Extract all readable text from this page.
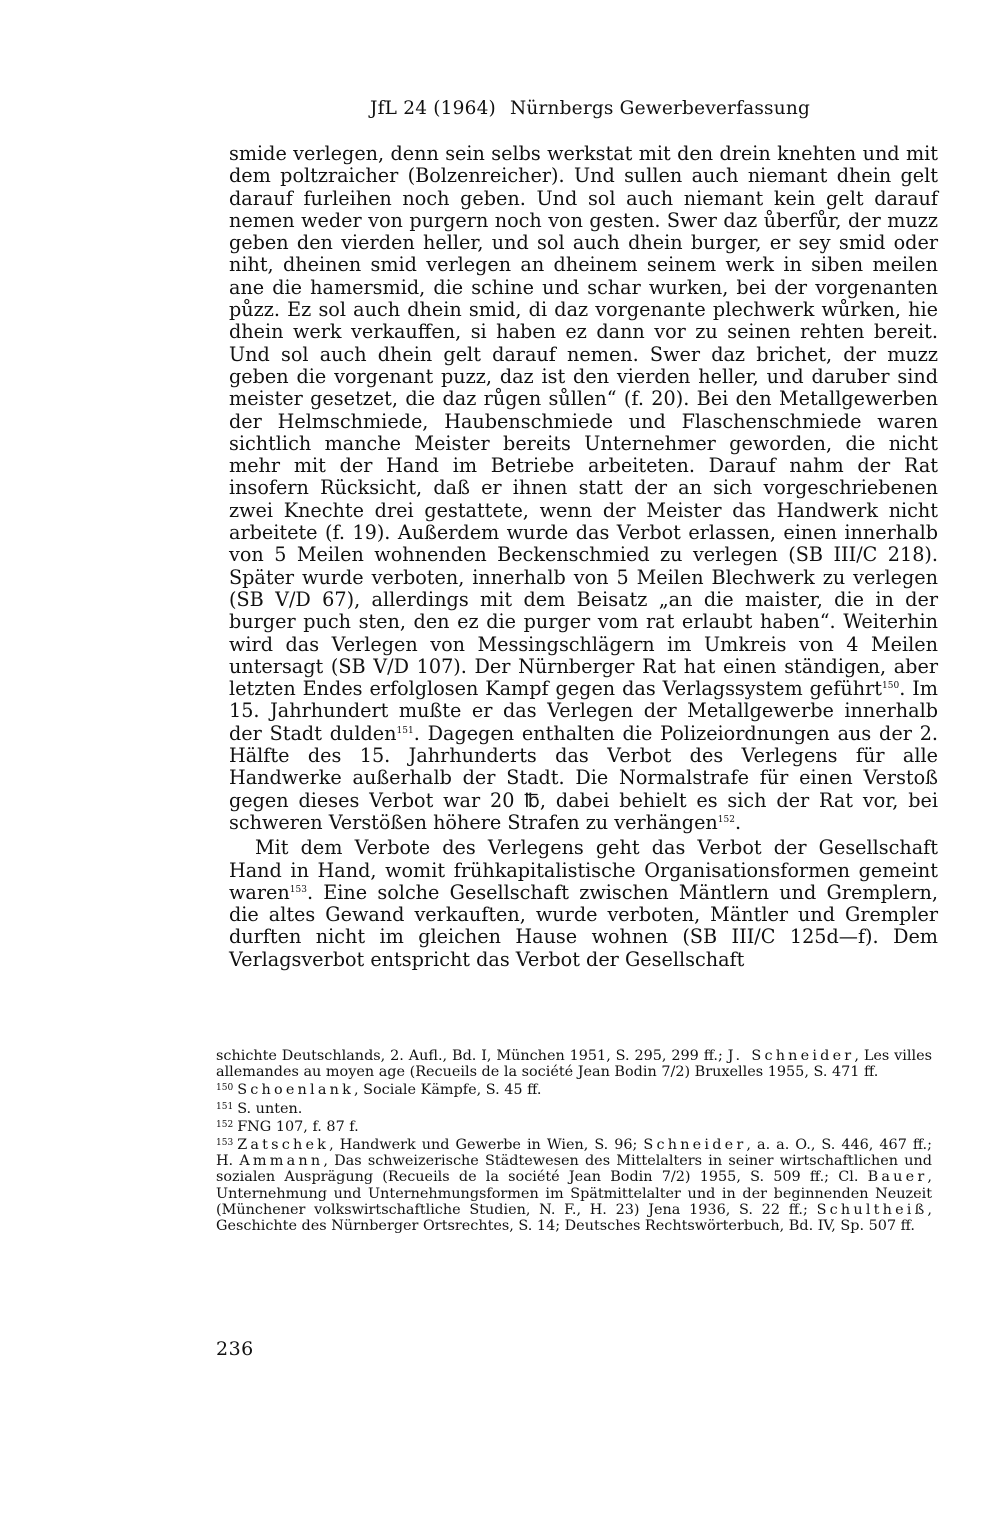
JfL 24 (1964) Nürnbergs Gewerbeverfassung

smide verlegen, denn sein selbs werkstat mit den drein knehten und mit dem poltzraicher (Bolzenreicher). Und sullen auch niemant dhein gelt darauf furleihen noch geben. Und sol auch niemant kein gelt darauf nemen weder von purgern noch von gesten. Swer daz ůberfůr, der muzz geben den vierden heller, und sol auch dhein burger, er sey smid oder niht, dheinen smid verlegen an dheinem seinem werk in siben meilen ane die hamersmid, die schine und schar wurken, bei der vorgenanten půzz. Ez sol auch dhein smid, di daz vorgenante plechwerk wůrken, hie dhein werk verkauffen, si haben ez dann vor zu seinen rehten bereit. Und sol auch dhein gelt darauf nemen. Swer daz brichet, der muzz geben die vorgenant puzz, daz ist den vierden heller, und daruber sind meister gesetzet, die daz růgen sůllen“ (f. 20). Bei den Metallgewerben der Helmschmiede, Haubenschmiede und Flaschenschmiede waren sichtlich manche Meister bereits Unternehmer geworden, die nicht mehr mit der Hand im Betriebe arbeiteten. Darauf nahm der Rat insofern Rücksicht, daß er ihnen statt der an sich vorgeschriebenen zwei Knechte drei gestattete, wenn der Meister das Handwerk nicht arbeitete (f. 19). Außerdem wurde das Verbot erlassen, einen innerhalb von 5 Meilen wohnenden Beckenschmied zu verlegen (SB III/C 218). Später wurde verboten, innerhalb von 5 Meilen Blechwerk zu verlegen (SB V/D 67), allerdings mit dem Beisatz „an die maister, die in der burger puch sten, den ez die purger vom rat erlaubt haben“. Weiterhin wird das Verlegen von Messingschlägern im Umkreis von 4 Meilen untersagt (SB V/D 107). Der Nürnberger Rat hat einen ständigen, aber letzten Endes erfolglosen Kampf gegen das Verlagssystem geführt$^{150}$. Im 15. Jahrhundert mußte er das Verlegen der Metallgewerbe innerhalb der Stadt dulden$^{151}$. Dagegen enthalten die Polizeiordnungen aus der 2. Hälfte des 15. Jahrhunderts das Verbot des Verlegens für alle Handwerke außerhalb der Stadt. Die Normalstrafe für einen Verstoß gegen dieses Verbot war 20 ℔, dabei behielt es sich der Rat vor, bei schweren Verstößen höhere Strafen zu verhängen$^{152}$.

Mit dem Verbote des Verlegens geht das Verbot der Gesellschaft Hand in Hand, womit frühkapitalistische Organisationsformen gemeint waren$^{153}$. Eine solche Gesellschaft zwischen Mäntlern und Gremplern, die altes Gewand verkauften, wurde verboten, Mäntler und Grempler durften nicht im gleichen Hause wohnen (SB III/C 125d—f). Dem Verlagsverbot entspricht das Verbot der Gesellschaft

schichte Deutschlands, 2. Aufl., Bd. I, München 1951, S. 295, 299 ff.; J. Schneider, Les villes allemandes au moyen age (Recueils de la société Jean Bodin 7/2) Bruxelles 1955, S. 471 ff.

$^{150}$ Schoenlank, Sociale Kämpfe, S. 45 ff.

$^{151}$ S. unten.

$^{152}$ FNG 107, f. 87 f.

$^{153}$ Zatschek, Handwerk und Gewerbe in Wien, S. 96; Schneider, a. a. O., S. 446, 467 ff.; H. Ammann, Das schweizerische Städtewesen des Mittelalters in seiner wirtschaftlichen und sozialen Ausprägung (Recueils de la société Jean Bodin 7/2) 1955, S. 509 ff.; Cl. Bauer, Unternehmung und Unternehmungsformen im Spätmittelalter und in der beginnenden Neuzeit (Münchener volkswirtschaftliche Studien, N. F., H. 23) Jena 1936, S. 22 ff.; Schultheiß, Geschichte des Nürnberger Ortsrechtes, S. 14; Deutsches Rechtswörterbuch, Bd. IV, Sp. 507 ff.

236
